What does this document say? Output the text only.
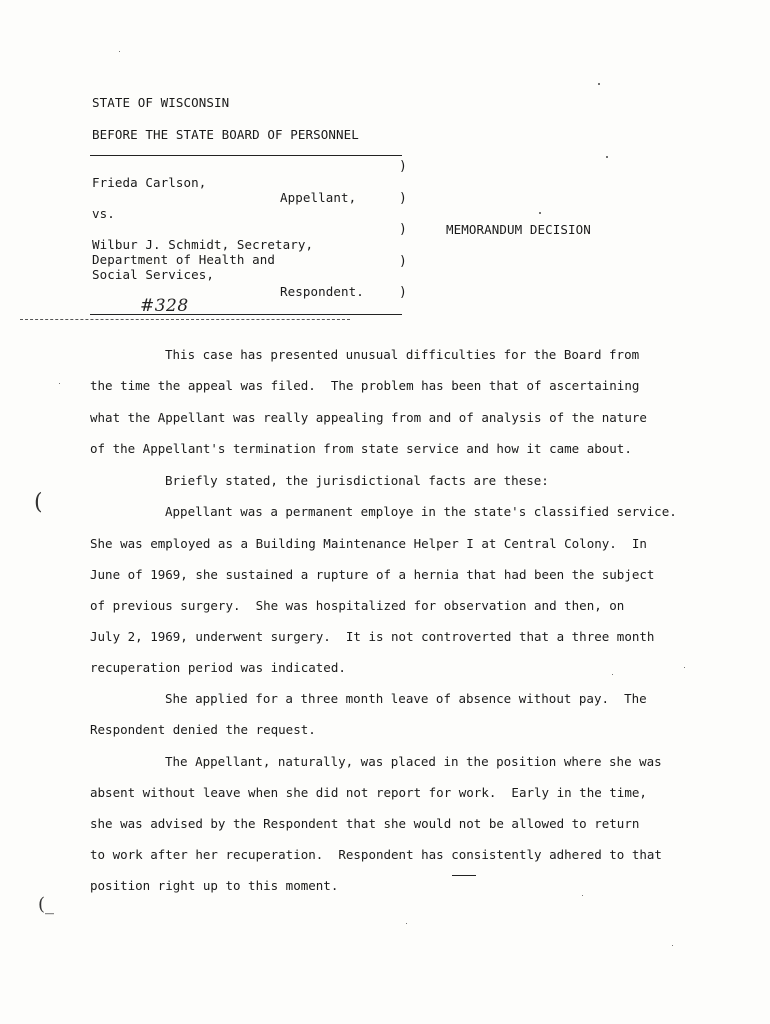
STATE OF WISCONSIN
BEFORE THE STATE BOARD OF PERSONNEL
)
)
)
)
)
Frieda Carlson,
Appellant,
vs.
Wilbur J. Schmidt, Secretary,
Department of Health and
Social Services,
Respondent.
#328
MEMORANDUM DECISION
This case has presented unusual difficulties for the Board from
the time the appeal was filed.  The problem has been that of ascertaining
what the Appellant was really appealing from and of analysis of the nature
of the Appellant's termination from state service and how it came about.
Briefly stated, the jurisdictional facts are these:
Appellant was a permanent employe in the state's classified service.
She was employed as a Building Maintenance Helper I at Central Colony.  In
June of 1969, she sustained a rupture of a hernia that had been the subject
of previous surgery.  She was hospitalized for observation and then, on
July 2, 1969, underwent surgery.  It is not controverted that a three month
recuperation period was indicated.
She applied for a three month leave of absence without pay.  The
Respondent denied the request.
The Appellant, naturally, was placed in the position where she was
absent without leave when she did not report for work.  Early in the time,
she was advised by the Respondent that she would not be allowed to return
to work after her recuperation.  Respondent has consistently adhered to that
position right up to this moment.
(
(_
